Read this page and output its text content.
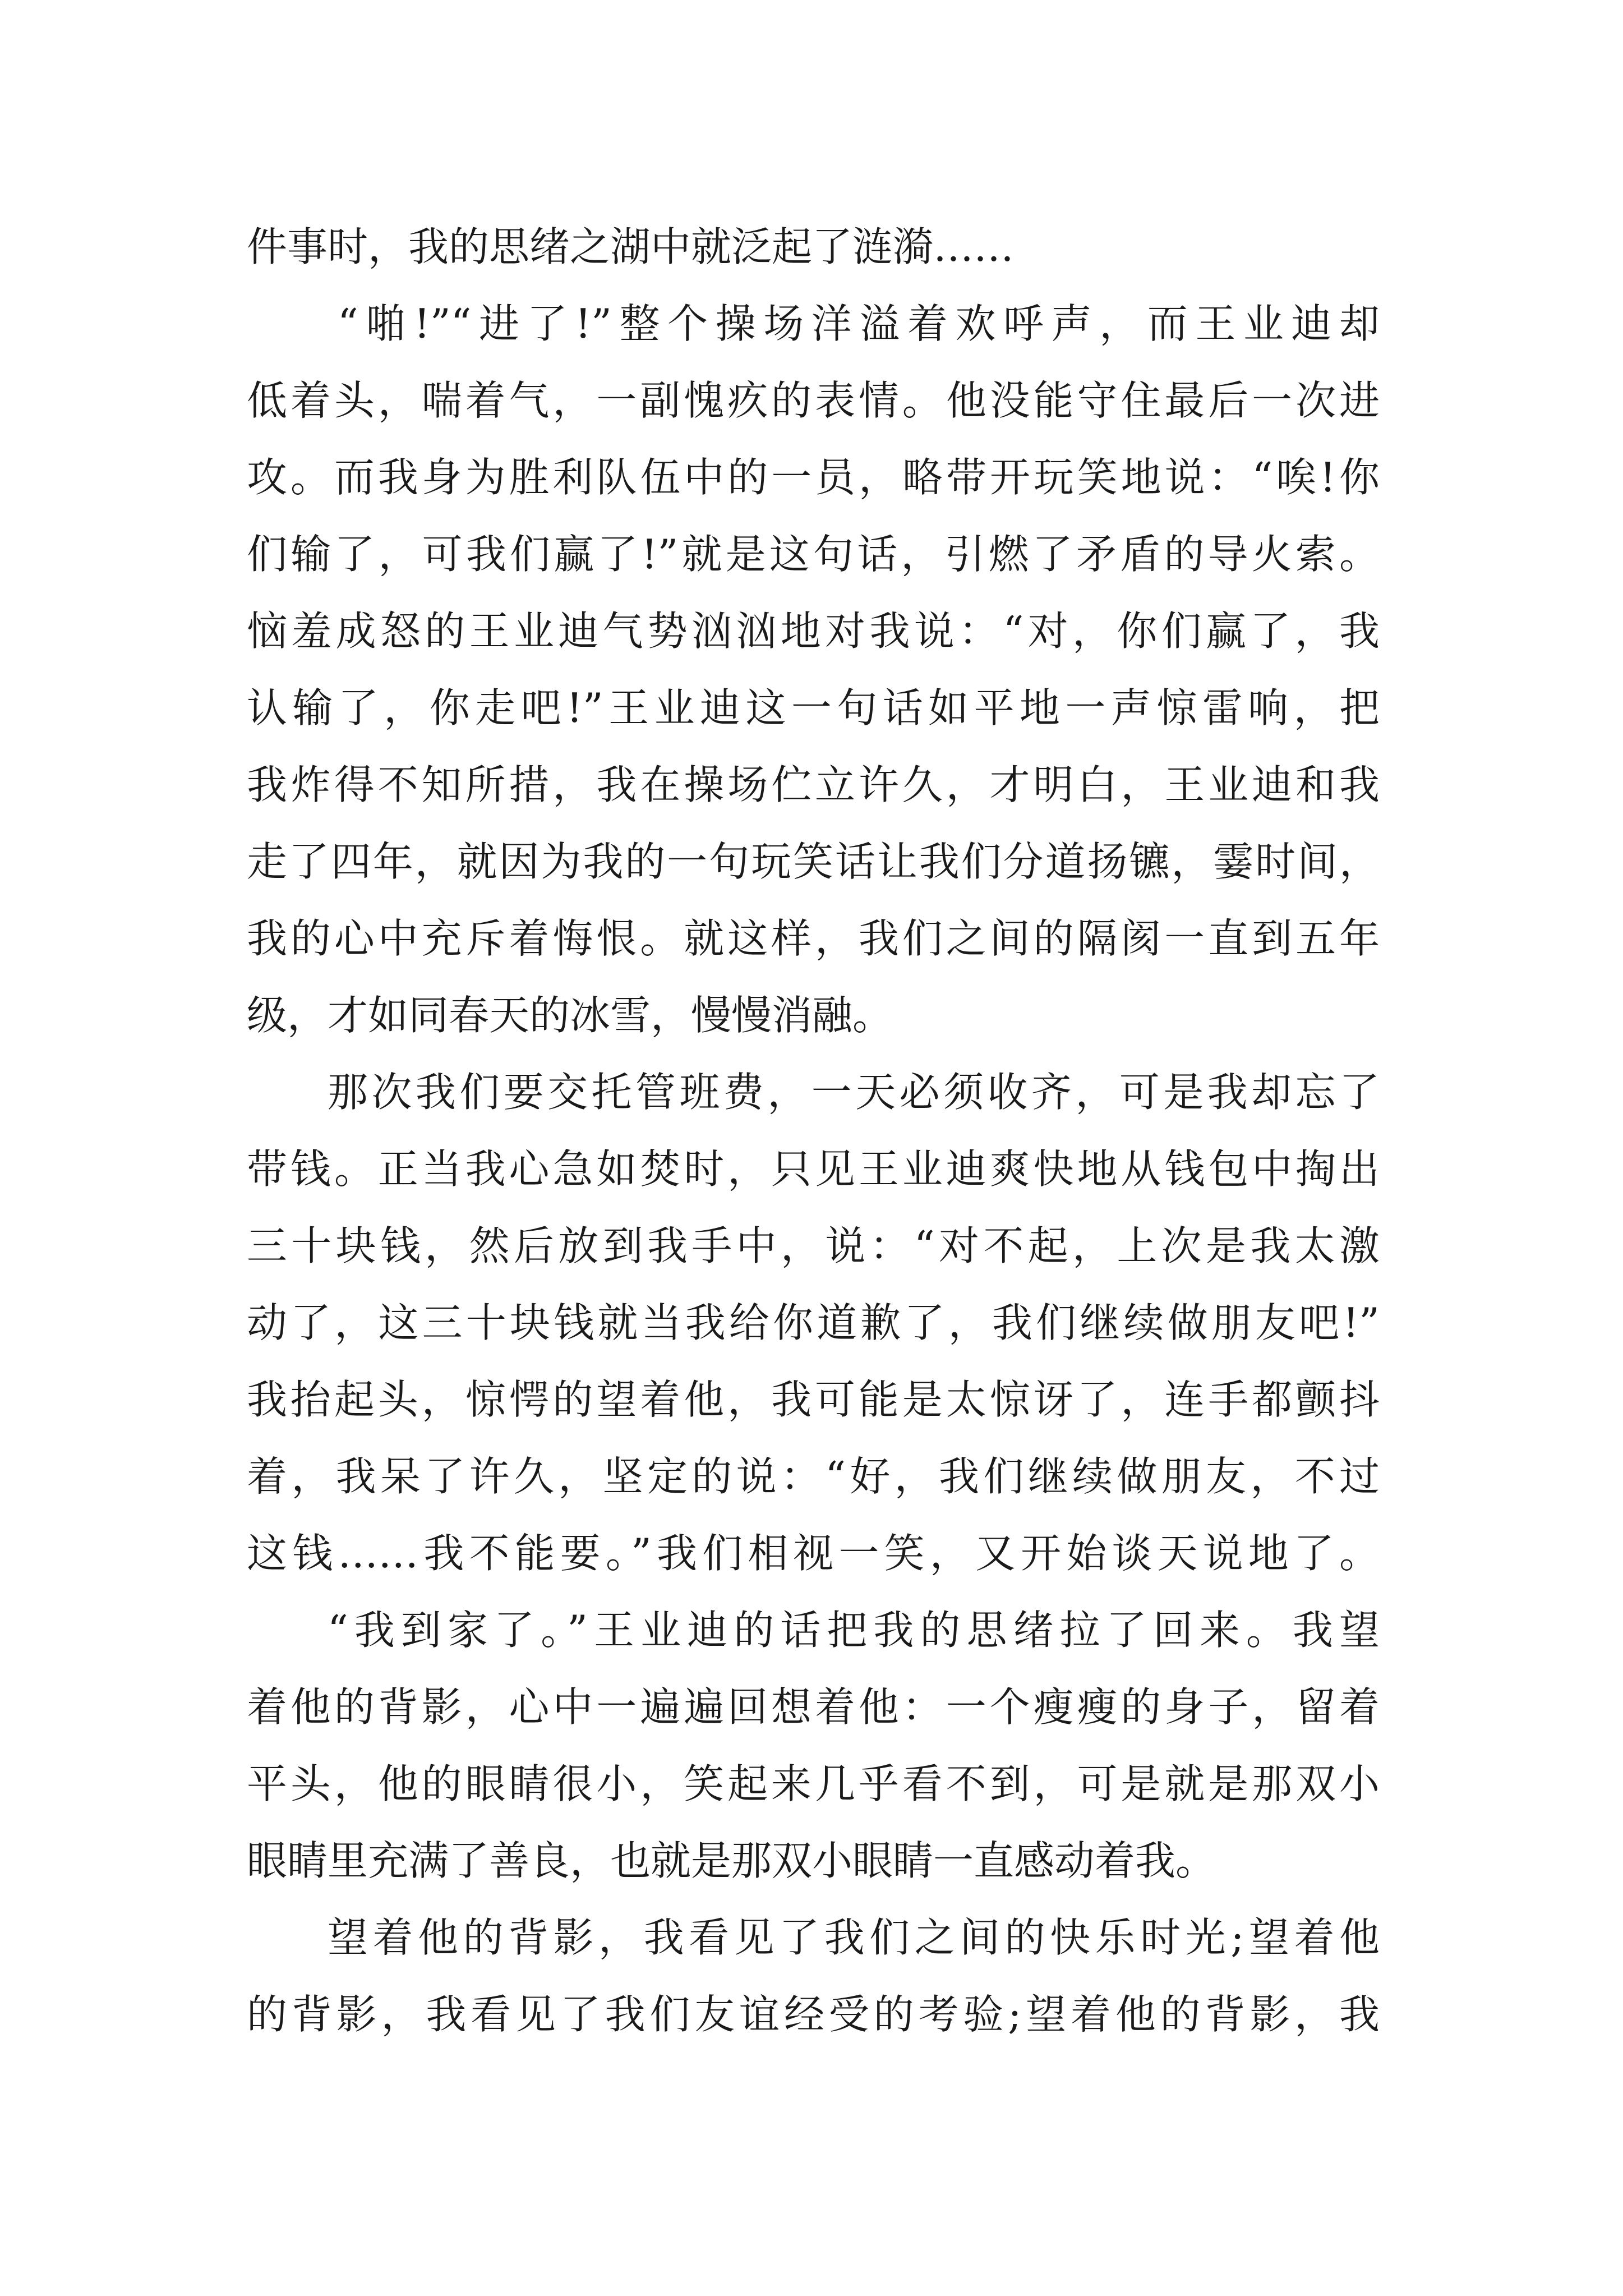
件事时，我的思绪之湖中就泛起了涟漪……
“啪!”“进了!”整个操场洋溢着欢呼声，而王业迪却
低着头，喘着气，一副愧疚的表情。他没能守住最后一次进
攻。而我身为胜利队伍中的一员，略带开玩笑地说：“唉!你
们输了，可我们赢了!”就是这句话，引燃了矛盾的导火索。
恼羞成怒的王业迪气势汹汹地对我说：“对，你们赢了，我
认输了，你走吧!”王业迪这一句话如平地一声惊雷响，把
我炸得不知所措，我在操场伫立许久，才明白，王业迪和我
走了四年，就因为我的一句玩笑话让我们分道扬镳，霎时间，
我的心中充斥着悔恨。就这样，我们之间的隔阂一直到五年
级，才如同春天的冰雪，慢慢消融。
那次我们要交托管班费，一天必须收齐，可是我却忘了
带钱。正当我心急如焚时，只见王业迪爽快地从钱包中掏出
三十块钱，然后放到我手中，说：“对不起，上次是我太激
动了，这三十块钱就当我给你道歉了，我们继续做朋友吧!”
我抬起头，惊愕的望着他，我可能是太惊讶了，连手都颤抖
着，我呆了许久，坚定的说：“好，我们继续做朋友，不过
这钱……我不能要。”我们相视一笑，又开始谈天说地了。
“我到家了。”王业迪的话把我的思绪拉了回来。我望
着他的背影，心中一遍遍回想着他：一个瘦瘦的身子，留着
平头，他的眼睛很小，笑起来几乎看不到，可是就是那双小
眼睛里充满了善良，也就是那双小眼睛一直感动着我。
望着他的背影，我看见了我们之间的快乐时光;望着他
的背影，我看见了我们友谊经受的考验;望着他的背影，我
